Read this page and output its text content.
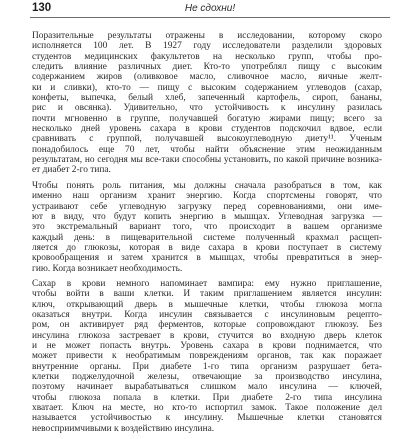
130	Не сдохни!
Поразительные результаты отражены в исследовании, которому скоро
исполняется 100 лет. В 1927 году исследователи разделили здоровых
студентов медицинских факультетов на несколько групп, чтобы про-
следить влияние различных диет. Кто-то употреблял пищу с высоким
содержанием жиров (оливковое масло, сливочное масло, яичные желт-
ки и сливки), кто-то — пищу с высоким содержанием углеводов (сахар,
конфеты, выпечка, белый хлеб, запеченный картофель, сироп, бананы,
рис и овсянка). Удивительно, что устойчивость к инсулину разилась
почти мгновенно в группе, получавшей богатую жирами пищу; всего за
несколько дней уровень сахара в крови студентов подскочил вдвое, если
сравнивать с группой, получавшей высокоуглеводную диету¹¹. Ученым
понадобилось еще 70 лет, чтобы найти объяснение этим неожиданным
результатам, но сегодня мы все-таки способны установить, по какой причине возника-
ет диабет 2-го типа.
Чтобы понять роль питания, мы должны сначала разобраться в том, как
именно наш организм хранит энергию. Когда спортсмены говорят, что
устраивают себе углеводную загрузку перед соревнованиями, они име-
ют в виду, что будут копить энергию в мышцах. Углеводная загрузка —
это экстремальный вариант того, что происходит в вашем организме
каждый день: в пищеварительной системе полученный крахмал расщеп-
ляется до глюкозы, которая в виде сахара в крови поступает в систему
кровообращения и затем хранится в мышцах, чтобы превратиться в энер-
гию. Когда возникает необходимость.
Сахар в крови немного напоминает вампира: ему нужно приглашение,
чтобы войти в ваши клетки. И таким приглашением является инсулин:
ключ, открывающий дверь в мышечные клетки, чтобы глюкоза могла
оказаться внутри. Когда инсулин связывается с инсулиновым рецепто-
ром, он активирует ряд ферментов, которые сопровождают глюкозу. Без
инсулина глюкоза застревает в крови, стучится во входную дверь клеток
и не может попасть внутрь. Уровень сахара в крови поднимается, что
может привести к необратимым повреждениям органов, так как поражает
внутренние органы. При диабете 1-го типа организм разрушает бета-
клетки поджелудочной железы, отвечающие за производство инсулина,
поэтому начинает вырабатываться слишком мало инсулина — ключей,
чтобы глюкоза попала в клетки. При диабете 2-го типа инсулина
хватает. Ключ на месте, но кто-то испортил замок. Такое положение дел
называется устойчивостью к инсулину. Мышечные клетки становятся
невосприимчивыми к воздействию инсулина.
